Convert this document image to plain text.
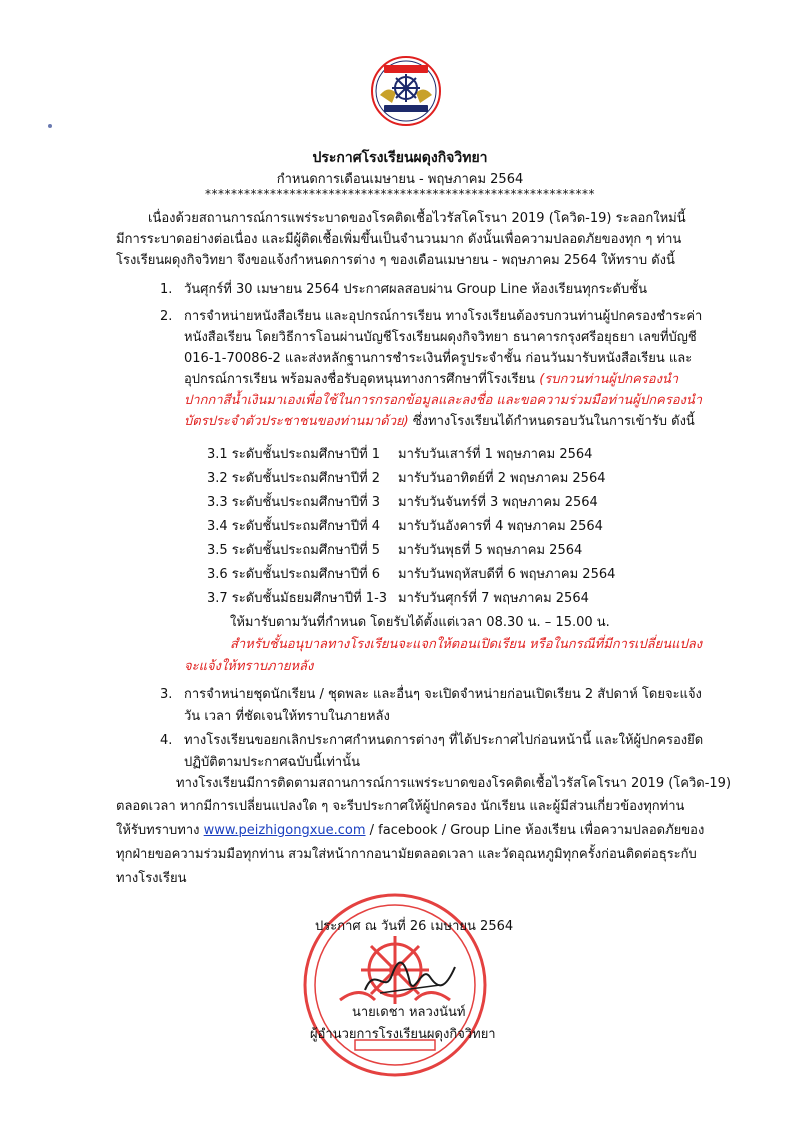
ประกาศโรงเรียนผดุงกิจวิทยา
กำหนดการเดือนเมษายน - พฤษภาคม 2564
************************************************************
เนื่องด้วยสถานการณ์การแพร่ระบาดของโรคติดเชื้อไวรัสโคโรนา 2019 (โควิด-19) ระลอกใหม่นี้
มีการระบาดอย่างต่อเนื่อง และมีผู้ติดเชื้อเพิ่มขึ้นเป็นจำนวนมาก ดังนั้นเพื่อความปลอดภัยของทุก ๆ ท่าน
โรงเรียนผดุงกิจวิทยา จึงขอแจ้งกำหนดการต่าง ๆ ของเดือนเมษายน - พฤษภาคม 2564 ให้ทราบ ดังนี้
1. วันศุกร์ที่ 30 เมษายน 2564 ประกาศผลสอบผ่าน Group Line ห้องเรียนทุกระดับชั้น
2. การจำหน่ายหนังสือเรียน และอุปกรณ์การเรียน ทางโรงเรียนต้องรบกวนท่านผู้ปกครองชำระค่า
หนังสือเรียน โดยวิธีการโอนผ่านบัญชีโรงเรียนผดุงกิจวิทยา ธนาคารกรุงศรีอยุธยา เลขที่บัญชี
016-1-70086-2 และส่งหลักฐานการชำระเงินที่ครูประจำชั้น ก่อนวันมารับหนังสือเรียน และ
อุปกรณ์การเรียน พร้อมลงชื่อรับอุดหนุนทางการศึกษาที่โรงเรียน (รบกวนท่านผู้ปกครองนำ
ปากกาสีน้ำเงินมาเองเพื่อใช้ในการกรอกข้อมูลและลงชื่อ และขอความร่วมมือท่านผู้ปกครองนำ
บัตรประจำตัวประชาชนของท่านมาด้วย) ซึ่งทางโรงเรียนได้กำหนดรอบวันในการเข้ารับ ดังนี้
3.1 ระดับชั้นประถมศึกษาปีที่ 1 มารับวันเสาร์ที่ 1 พฤษภาคม 2564
3.2 ระดับชั้นประถมศึกษาปีที่ 2 มารับวันอาทิตย์ที่ 2 พฤษภาคม 2564
3.3 ระดับชั้นประถมศึกษาปีที่ 3 มารับวันจันทร์ที่ 3 พฤษภาคม 2564
3.4 ระดับชั้นประถมศึกษาปีที่ 4 มารับวันอังคารที่ 4 พฤษภาคม 2564
3.5 ระดับชั้นประถมศึกษาปีที่ 5 มารับวันพุธที่ 5 พฤษภาคม 2564
3.6 ระดับชั้นประถมศึกษาปีที่ 6 มารับวันพฤหัสบดีที่ 6 พฤษภาคม 2564
3.7 ระดับชั้นมัธยมศึกษาปีที่ 1-3 มารับวันศุกร์ที่ 7 พฤษภาคม 2564
ให้มารับตามวันที่กำหนด โดยรับได้ตั้งแต่เวลา 08.30 น. – 15.00 น.
สำหรับชั้นอนุบาลทางโรงเรียนจะแจกให้ตอนเปิดเรียน หรือในกรณีที่มีการเปลี่ยนแปลง
จะแจ้งให้ทราบภายหลัง
3. การจำหน่ายชุดนักเรียน / ชุดพละ และอื่นๆ จะเปิดจำหน่ายก่อนเปิดเรียน 2 สัปดาห์ โดยจะแจ้ง
วัน เวลา ที่ชัดเจนให้ทราบในภายหลัง
4. ทางโรงเรียนขอยกเลิกประกาศกำหนดการต่างๆ ที่ได้ประกาศไปก่อนหน้านี้ และให้ผู้ปกครองยึด
ปฏิบัติตามประกาศฉบับนี้เท่านั้น
ทางโรงเรียนมีการติดตามสถานการณ์การแพร่ระบาดของโรคติดเชื้อไวรัสโคโรนา 2019 (โควิด-19)
ตลอดเวลา หากมีการเปลี่ยนแปลงใด ๆ จะรีบประกาศให้ผู้ปกครอง นักเรียน และผู้มีส่วนเกี่ยวข้องทุกท่าน
ให้รับทราบทาง www.peizhigongxue.com / facebook / Group Line ห้องเรียน เพื่อความปลอดภัยของ
ทุกฝ่ายขอความร่วมมือทุกท่าน สวมใส่หน้ากากอนามัยตลอดเวลา และวัดอุณหภูมิทุกครั้งก่อนติดต่อธุระกับ
ทางโรงเรียน
ประกาศ ณ วันที่ 26 เมษายน 2564
นายเดชา หลวงนันท์
ผู้อำนวยการโรงเรียนผดุงกิจวิทยา
